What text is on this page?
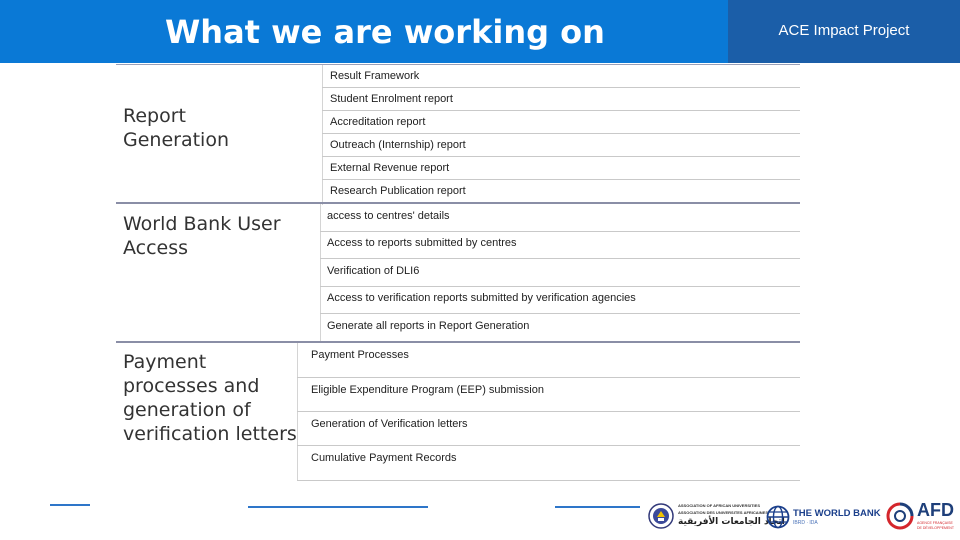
What we are working on	ACE Impact Project
Report Generation
Result Framework
Student Enrolment report
Accreditation report
Outreach (Internship) report
External Revenue report
Research Publication report
World Bank User Access
access to centres' details
Access to reports submitted by centres
Verification of DLI6
Access to verification reports submitted by verification agencies
Generate all reports in Report Generation
Payment processes and generation of verification letters
Payment Processes
Eligible Expenditure Program (EEP) submission
Generation of Verification letters
Cumulative Payment Records
ASSOCIATION OF AFRICAN UNIVERSITIES
ASSOCIATION DES UNIVERSITES AFRICAINES
اتحاد الجامعات الأفريقية
THE WORLD BANK
IBRD · IDA
AFD
AGENCE FRANÇAISE
DE DÉVELOPPEMENT
